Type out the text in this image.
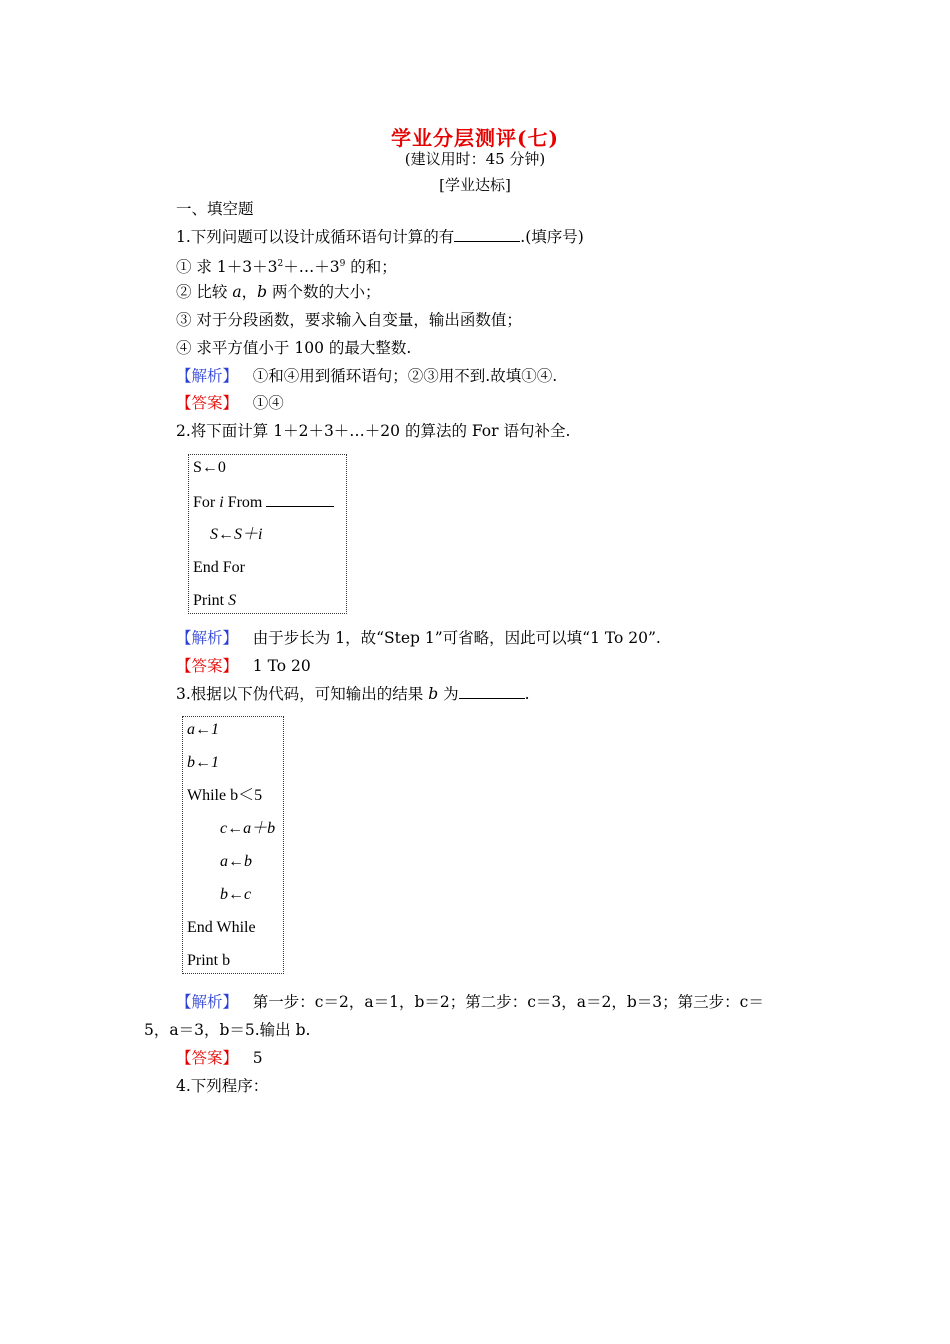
学业分层测评(七)
(建议用时：45 分钟)
[学业达标]
一、填空题
1.下列问题可以设计成循环语句计算的有	.(填序号)
① 求 $1+3+3^2+\dots+3^9$ 的和；
② 比较 a，b 两个数的大小；
③ 对于分段函数，要求输入自变量，输出函数值；
④ 求平方值小于 100 的最大整数.
【解析】 ①和④用到循环语句；②③用不到.故填①④.
【答案】 ①④
2.将下面计算 1＋2＋3＋…＋20 的算法的 For 语句补全.
S←0
For i From
S←S＋i
End For
Print S
【解析】 由于步长为 1，故“Step 1”可省略，因此可以填“1 To 20”.
【答案】 1 To 20
3.根据以下伪代码，可知输出的结果 b 为	.
a←1
b←1
While b＜5
c←a＋b
a←b
b←c
End While
Print b
【解析】 第一步：c＝2，a＝1，b＝2；第二步：c＝3，a＝2，b＝3；第三步：c＝
5，a＝3，b＝5.输出 b.
【答案】 5
4.下列程序：
